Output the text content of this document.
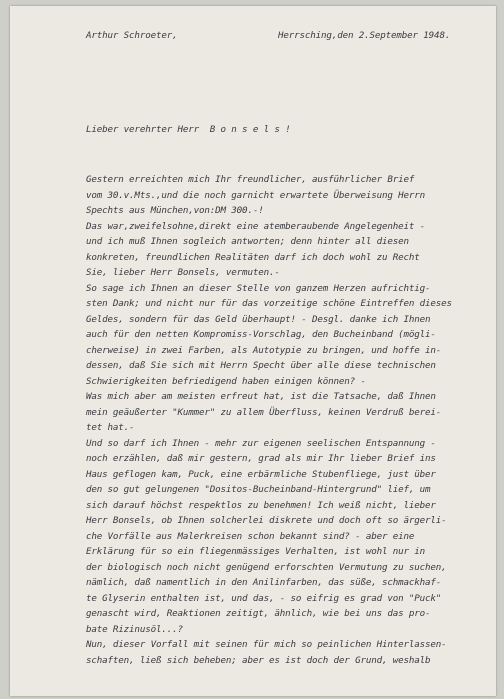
Arthur Schroeter,	Herrsching,den 2.September 1948.
Lieber verehrter Herr  B o n s e l s !
Gestern erreichten mich Ihr freundlicher, ausführlicher Brief
vom 30.v.Mts.,und die noch garnicht erwartete Überweisung Herrn
Spechts aus München,von:DM 300.-!
Das war,zweifelsohne,direkt eine atemberaubende Angelegenheit -
und ich muß Ihnen sogleich antworten; denn hinter all diesen
konkreten, freundlichen Realitäten darf ich doch wohl zu Recht
Sie, lieber Herr Bonsels, vermuten.-
So sage ich Ihnen an dieser Stelle von ganzem Herzen aufrichtig-
sten Dank; und nicht nur für das vorzeitige schöne Eintreffen dieses
Geldes, sondern für das Geld überhaupt! - Desgl. danke ich Ihnen
auch für den netten Kompromiss-Vorschlag, den Bucheinband (mögli-
cherweise) in zwei Farben, als Autotypie zu bringen, und hoffe in-
dessen, daß Sie sich mit Herrn Specht über alle diese technischen
Schwierigkeiten befriedigend haben einigen können? -
Was mich aber am meisten erfreut hat, ist die Tatsache, daß Ihnen
mein geäußerter "Kummer" zu allem Überfluss, keinen Verdruß berei-
tet hat.-
Und so darf ich Ihnen - mehr zur eigenen seelischen Entspannung -
noch erzählen, daß mir gestern, grad als mir Ihr lieber Brief ins
Haus geflogen kam, Puck, eine erbärmliche Stubenfliege, just über
den so gut gelungenen "Dositos-Bucheinband-Hintergrund" lief, um
sich darauf höchst respektlos zu benehmen! Ich weiß nicht, lieber
Herr Bonsels, ob Ihnen solcherlei diskrete und doch oft so ärgerli-
che Vorfälle aus Malerkreisen schon bekannt sind? - aber eine
Erklärung für so ein fliegenmässiges Verhalten, ist wohl nur in
der biologisch noch nicht genügend erforschten Vermutung zu suchen,
nämlich, daß namentlich in den Anilinfarben, das süße, schmackhaf-
te Glyserin enthalten ist, und das, - so eifrig es grad von "Puck"
genascht wird, Reaktionen zeitigt, ähnlich, wie bei uns das pro-
bate Rizinusöl...?
Nun, dieser Vorfall mit seinen für mich so peinlichen Hinterlassen-
schaften, ließ sich beheben; aber es ist doch der Grund, weshalb
